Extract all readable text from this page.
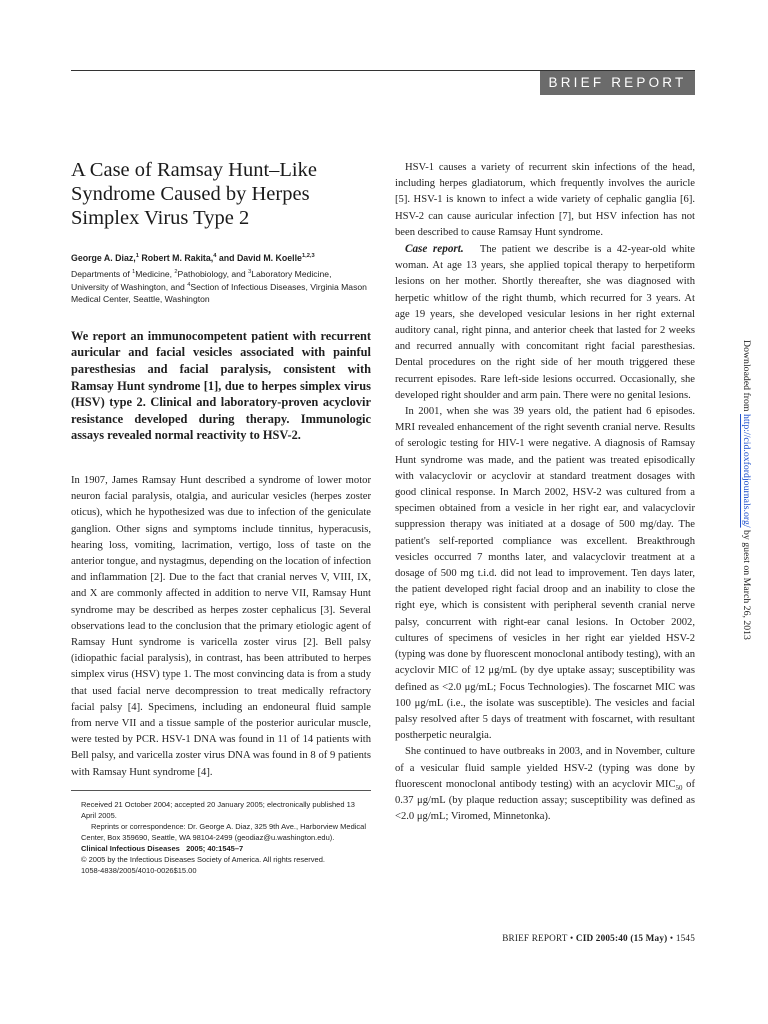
BRIEF REPORT
A Case of Ramsay Hunt–Like Syndrome Caused by Herpes Simplex Virus Type 2
George A. Diaz,$^1$ Robert M. Rakita,$^4$ and David M. Koelle$^{1,2,3}$
Departments of $^1$Medicine, $^2$Pathobiology, and $^3$Laboratory Medicine, University of Washington, and $^4$Section of Infectious Diseases, Virginia Mason Medical Center, Seattle, Washington

We report an immunocompetent patient with recurrent auricular and facial vesicles associated with painful paresthesias and facial paralysis, consistent with Ramsay Hunt syndrome [1], due to herpes simplex virus (HSV) type 2. Clinical and laboratory-proven acyclovir resistance developed during therapy. Immunologic assays revealed normal reactivity to HSV-2.

In 1907, James Ramsay Hunt described a syndrome of lower motor neuron facial paralysis, otalgia, and auricular vesicles (herpes zoster oticus), which he hypothesized was due to infection of the geniculate ganglion. Other signs and symptoms include tinnitus, hyperacusis, hearing loss, vomiting, lacrimation, vertigo, loss of taste on the anterior tongue, and nystagmus, depending on the location of infection and inflammation [2]. Due to the fact that cranial nerves V, VIII, IX, and X are commonly affected in addition to nerve VII, Ramsay Hunt syndrome may be described as herpes zoster cephalicus [3]. Several observations lead to the conclusion that the primary etiologic agent of Ramsay Hunt syndrome is varicella zoster virus [2]. Bell palsy (idiopathic facial paralysis), in contrast, has been attributed to herpes simplex virus (HSV) type 1. The most convincing data is from a study that used facial nerve decompression to treat medically refractory facial palsy [4]. Specimens, including an endoneural fluid sample from nerve VII and a tissue sample of the posterior auricular muscle, were tested by PCR. HSV-1 DNA was found in 11 of 14 patients with Bell palsy, and varicella zoster virus DNA was found in 8 of 9 patients with Ramsay Hunt syndrome [4].

Received 21 October 2004; accepted 20 January 2005; electronically published 13 April 2005.

Reprints or correspondence: Dr. George A. Diaz, 325 9th Ave., Harborview Medical Center, Box 359690, Seattle, WA 98104-2499 (geodiaz@u.washington.edu).

Clinical Infectious Diseases 2005; 40:1545–7

© 2005 by the Infectious Diseases Society of America. All rights reserved.

1058-4838/2005/4010-0026$15.00

HSV-1 causes a variety of recurrent skin infections of the head, including herpes gladiatorum, which frequently involves the auricle [5]. HSV-1 is known to infect a wide variety of cephalic ganglia [6]. HSV-2 can cause auricular infection [7], but HSV infection has not been described to cause Ramsay Hunt syndrome.

Case report. The patient we describe is a 42-year-old white woman. At age 13 years, she applied topical therapy to herpetiform lesions on her mother. Shortly thereafter, she was diagnosed with herpetic whitlow of the right thumb, which recurred for 3 years. At age 19 years, she developed vesicular lesions in her right external auditory canal, right pinna, and anterior cheek that lasted for 2 weeks and recurred annually with concomitant right facial paresthesias. Dental procedures on the right side of her mouth triggered these recurrent episodes. Rare left-side lesions occurred. Occasionally, she developed right shoulder and arm pain. There were no genital lesions.

In 2001, when she was 39 years old, the patient had 6 episodes. MRI revealed enhancement of the right seventh cranial nerve. Results of serologic testing for HIV-1 were negative. A diagnosis of Ramsay Hunt syndrome was made, and the patient was treated episodically with valacyclovir or acyclovir at standard treatment dosages with good clinical response. In March 2002, HSV-2 was cultured from a specimen obtained from a vesicle in her right ear, and valacyclovir suppression therapy was initiated at a dosage of 500 mg/day. The patient's self-reported compliance was excellent. Breakthrough vesicles occurred 7 months later, and valacyclovir treatment at a dosage of 500 mg t.i.d. did not lead to improvement. Ten days later, the patient developed right facial droop and an inability to close the right eye, which is consistent with peripheral seventh cranial nerve palsy, concurrent with right-ear canal lesions. In October 2002, cultures of specimens of vesicles in her right ear yielded HSV-2 (typing was done by fluorescent monoclonal antibody testing), with an acyclovir MIC of 12 μg/mL (by dye uptake assay; susceptibility was defined as <2.0 μg/mL; Focus Technologies). The foscarnet MIC was 100 μg/mL (i.e., the isolate was susceptible). The vesicles and facial palsy resolved after 5 days of treatment with foscarnet, with resultant postherpetic neuralgia.

She continued to have outbreaks in 2003, and in November, culture of a vesicular fluid sample yielded HSV-2 (typing was done by fluorescent monoclonal antibody testing) with an acyclovir $MIC_{50}$ of 0.37 μg/mL (by plaque reduction assay; susceptibility was defined as <2.0 μg/mL; Viromed, Minnetonka).

BRIEF REPORT • CID 2005:40 (15 May) • 1545
Downloaded from http://cid.oxfordjournals.org/ by guest on March 26, 2013
